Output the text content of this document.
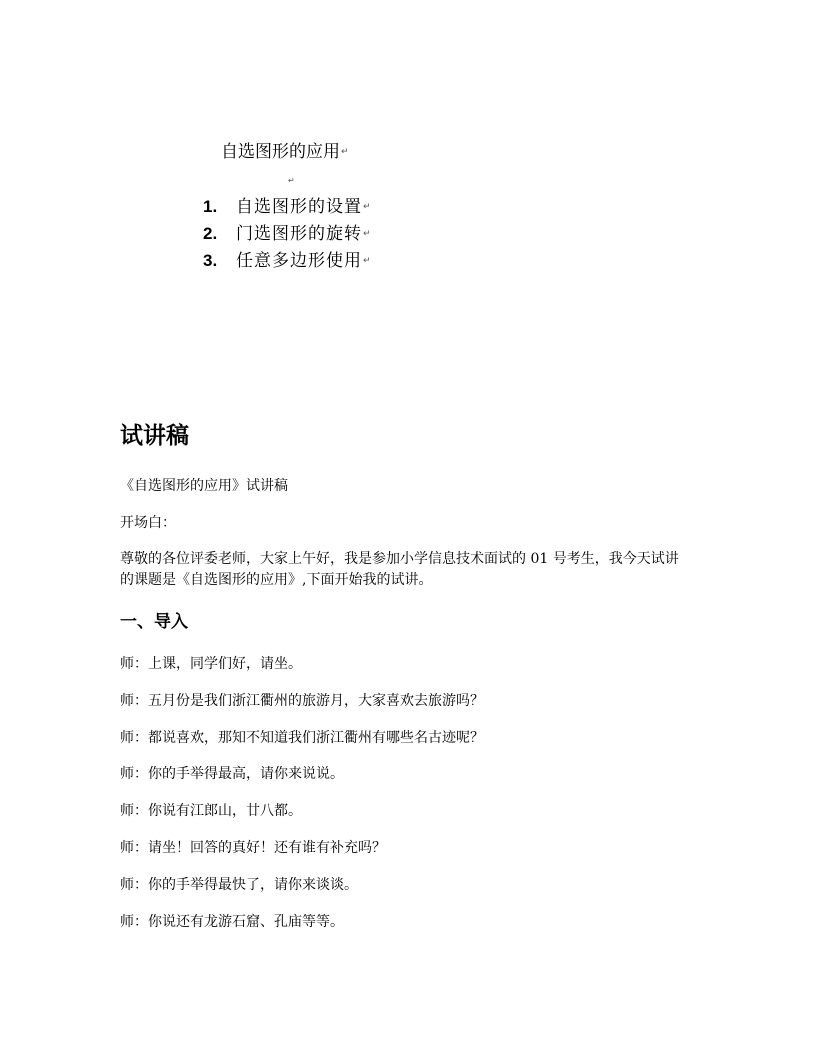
自选图形的应用↵
↵
1. 自选图形的设置↵
2. 门选图形的旋转↵
3. 任意多边形使用↵
试讲稿
《自选图形的应用》试讲稿
开场白：
尊敬的各位评委老师，大家上午好，我是参加小学信息技术面试的 01 号考生，我今天试讲的课题是《自选图形的应用》,下面开始我的试讲。
一、导入
师：上课，同学们好，请坐。
师：五月份是我们浙江衢州的旅游月，大家喜欢去旅游吗？
师：都说喜欢，那知不知道我们浙江衢州有哪些名古迹呢？
师：你的手举得最高，请你来说说。
师：你说有江郎山，廿八都。
师：请坐！回答的真好！还有谁有补充吗？
师：你的手举得最快了，请你来谈谈。
师：你说还有龙游石窟、孔庙等等。
